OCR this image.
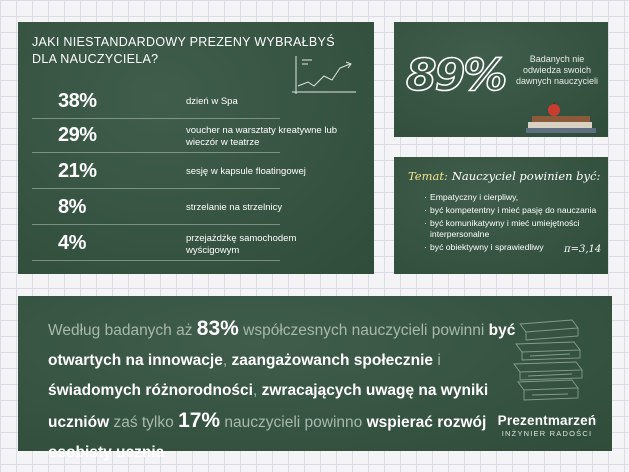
JAKI NIESTANDARDOWY PREZENY WYBRAŁBYŚ
DLA NAUCZYCIELA?
38%	dzień w Spa
29%	voucher na warsztaty kreatywne lub wieczór w teatrze
21%	sesję w kapsule floatingowej
8%	strzelanie na strzelnicy
4%	przejażdżkę samochodem wyścigowym
89%	Badanych nie odwiedza swoich dawnych nauczycieli
Temat: Nauczyciel powinien być:
· Empatyczny i cierpliwy,
· być kompetentny i mieć pasję do nauczania
· być komunikatywny i mieć umiejętności interpersonalne
· być obiektywny i sprawiedliwy	π=3,14

Według badanych aż 83% współczesnych nauczycieli powinni być otwartych na innowacje, zaangażowanch społecznie i świadomych różnorodności, zwracających uwagę na wyniki uczniów zaś tylko 17% nauczycieli powinno wspierać rozwój osobisty ucznia

Prezentmarzeń
INŻYNIER RADOŚCI
